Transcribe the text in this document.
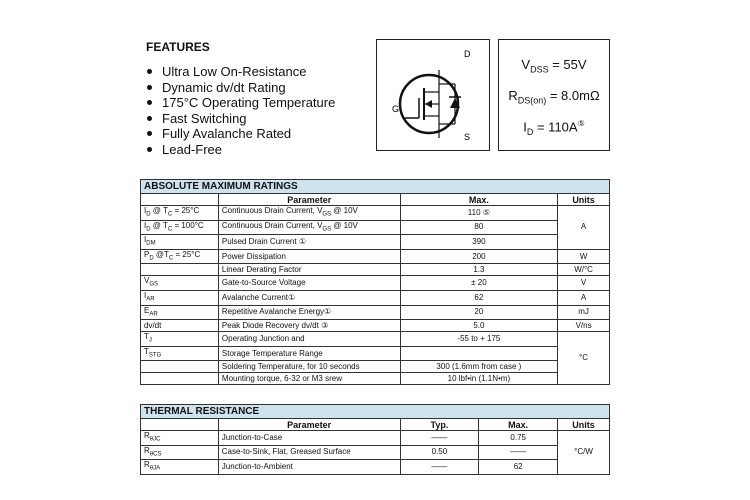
FEATURES
Ultra Low On-Resistance
Dynamic dv/dt Rating
175°C Operating Temperature
Fast Switching
Fully Avalanche Rated
Lead-Free
D
G
S
$V_{DSS} = 55V$
$R_{DS(on)} = 8.0m\Omega$
$I_D = 110A^⑤$
ABSOLUTE MAXIMUM RATINGS			
	Parameter	Max.	Units
$I_D$ @ $T_C = 25^\circ C$	Continuous Drain Current, $V_{GS}$ @ 10V	110 ⑤	A
$I_D$ @ $T_C = 100^\circ C$	Continuous Drain Current, $V_{GS}$ @ 10V	80	
$I_{DM}$	Pulsed Drain Current ①	390	
$P_D$ $@T_C = 25^\circ C$	Power Dissipation	200	W
	Linear Derating Factor	1.3	W/°C
$V_{GS}$	Gate-to-Source Voltage	± 20	V
$I_{AR}$	Avalanche Current①	62	A
$E_{AR}$	Repetitive Avalanche Energy①	20	mJ
dv/dt	Peak Diode Recovery dv/dt ③	5.0	V/ns
$T_J$	Operating Junction and	-55 to + 175	°C
$T_{STG}$	Storage Temperature Range		
	Soldering Temperature, for 10 seconds	300 (1.6mm from case )	
	Mounting torque, 6-32 or M3 srew	10 lbf•in (1.1N•m)	
THERMAL RESISTANCE				
	Parameter	Typ.	Max.	Units
$R_{\theta JC}$	Junction-to-Case	——	0.75	°C/W
$R_{\theta CS}$	Case-to-Sink, Flat, Greased Surface	0.50	——	
$R_{\theta JA}$	Junction-to-Ambient	——	62	
